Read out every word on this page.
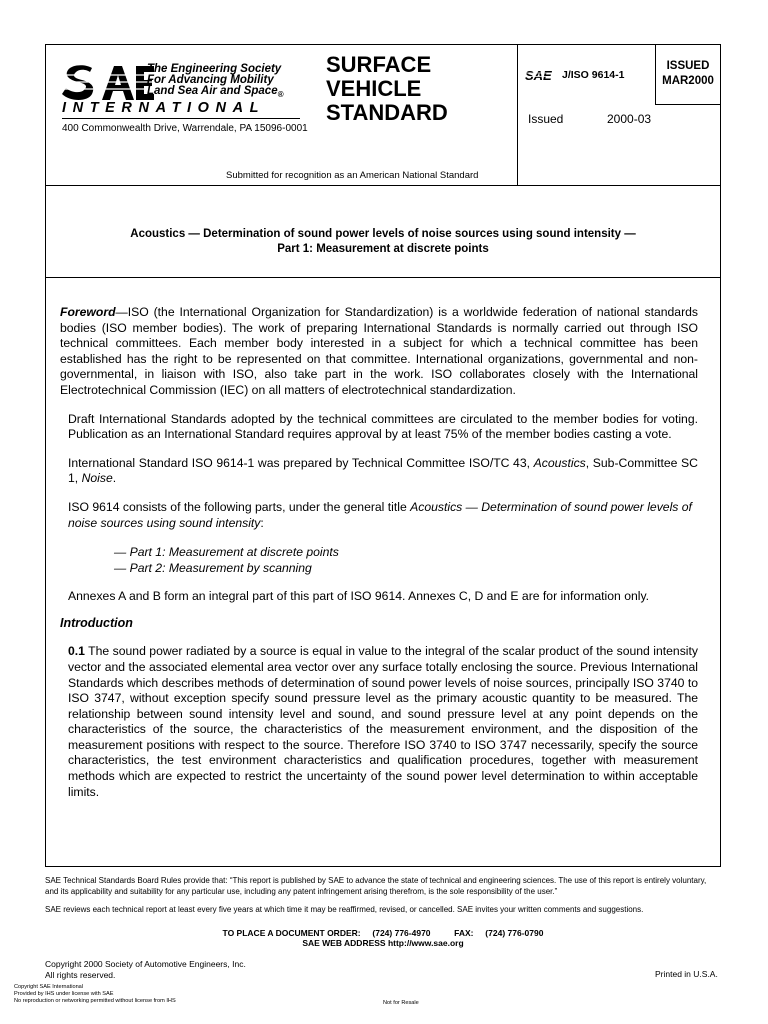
The Engineering Society
For Advancing Mobility
Land Sea Air and Space$_®$
INTERNATIONAL
400 Commonwealth Drive, Warrendale, PA 15096-0001
SURFACE
VEHICLE
STANDARD
SAE J/ISO 9614-1
ISSUED
MAR2000
Issued	2000-03
Submitted for recognition as an American National Standard
Acoustics — Determination of sound power levels of noise sources using sound intensity —
Part 1: Measurement at discrete points

Foreword—ISO (the International Organization for Standardization) is a worldwide federation of national standards bodies (ISO member bodies). The work of preparing International Standards is normally carried out through ISO technical committees. Each member body interested in a subject for which a technical committee has been established has the right to be represented on that committee. International organizations, governmental and non-governmental, in liaison with ISO, also take part in the work. ISO collaborates closely with the International Electrotechnical Commission (IEC) on all matters of electrotechnical standardization.

Draft International Standards adopted by the technical committees are circulated to the member bodies for voting. Publication as an International Standard requires approval by at least 75% of the member bodies casting a vote.

International Standard ISO 9614-1 was prepared by Technical Committee ISO/TC 43, Acoustics, Sub-Committee SC 1, Noise.

ISO 9614 consists of the following parts, under the general title Acoustics — Determination of sound power levels of noise sources using sound intensity:

— Part 1: Measurement at discrete points
— Part 2: Measurement by scanning

Annexes A and B form an integral part of this part of ISO 9614. Annexes C, D and E are for information only.

Introduction

0.1 The sound power radiated by a source is equal in value to the integral of the scalar product of the sound intensity vector and the associated elemental area vector over any surface totally enclosing the source. Previous International Standards which describes methods of determination of sound power levels of noise sources, principally ISO 3740 to ISO 3747, without exception specify sound pressure level as the primary acoustic quantity to be measured. The relationship between sound intensity level and sound, and sound pressure level at any point depends on the characteristics of the source, the characteristics of the measurement environment, and the disposition of the measurement positions with respect to the source. Therefore ISO 3740 to ISO 3747 necessarily, specify the source characteristics, the test environment characteristics and qualification procedures, together with measurement methods which are expected to restrict the uncertainty of the sound power level determination to within acceptable limits.

SAE Technical Standards Board Rules provide that: “This report is published by SAE to advance the state of technical and engineering sciences. The use of this report is entirely voluntary, and its applicability and suitability for any particular use, including any patent infringement arising therefrom, is the sole responsibility of the user.”

SAE reviews each technical report at least every five years at which time it may be reaffirmed, revised, or cancelled. SAE invites your written comments and suggestions.

TO PLACE A DOCUMENT ORDER:     (724) 776-4970          FAX:     (724) 776-0790
SAE WEB ADDRESS http://www.sae.org
Copyright 2000 Society of Automotive Engineers, Inc.
All rights reserved.	Printed in U.S.A.
Copyright SAE International
Provided by IHS under license with SAE
No reproduction or networking permitted without license from IHS	Not for Resale
